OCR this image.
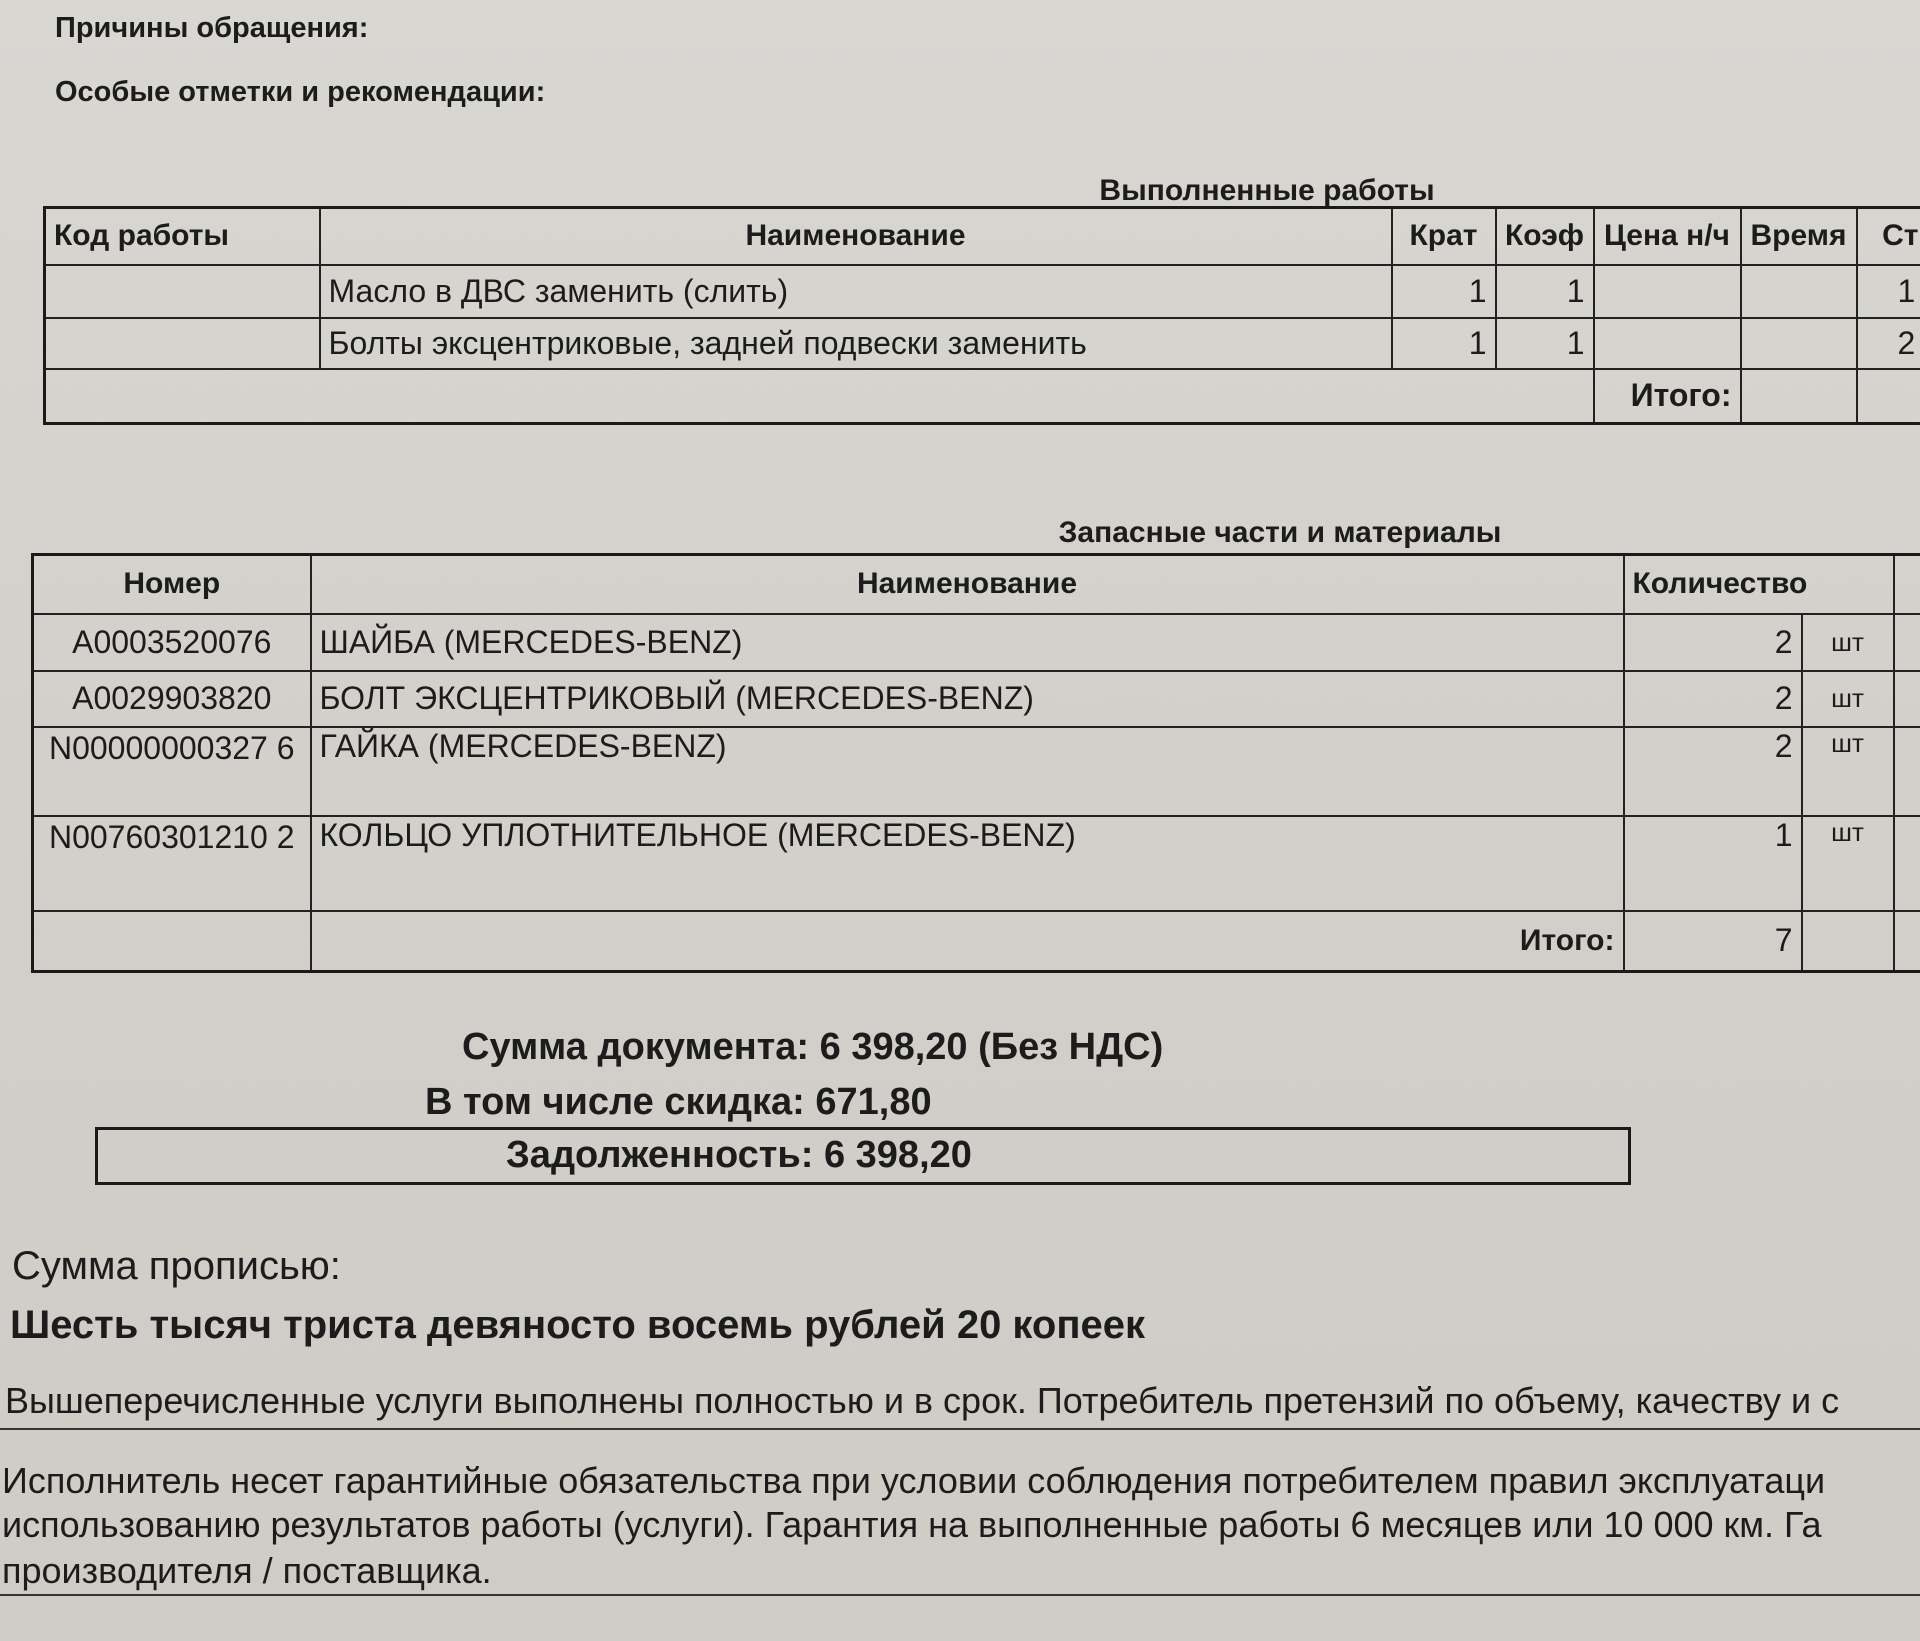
Причины обращения:
Особые отметки и рекомендации:
Выполненные работы
Код работы	Наименование	Крат	Коэф	Цена н/ч	Время	Ст
	Масло в ДВС заменить (слить)	1	1			1
	Болты эксцентриковые, задней подвески заменить	1	1			2
				Итого:		
Запасные части и материалы
Номер	Наименование	Количество		
A0003520076	ШАЙБА (MERCEDES-BENZ)	2	шт	
A0029903820	БОЛТ ЭКСЦЕНТРИКОВЫЙ (MERCEDES-BENZ)	2	шт	
N00000000327 6	ГАЙКА (MERCEDES-BENZ)	2	шт	
N00760301210 2	КОЛЬЦО УПЛОТНИТЕЛЬНОЕ (MERCEDES-BENZ)	1	шт	
	Итого:	7		
Сумма документа: 6 398,20 (Без НДС)
В том числе скидка: 671,80
Задолженность: 6 398,20
Сумма прописью:
Шесть тысяч триста девяносто восемь рублей 20 копеек
Вышеперечисленные услуги выполнены полностью и в срок. Потребитель претензий по объему, качеству и с
Исполнитель несет гарантийные обязательства при условии соблюдения потребителем правил эксплуатаци
использованию результатов работы (услуги). Гарантия на выполненные работы 6 месяцев или 10 000 км. Га
производителя / поставщика.
